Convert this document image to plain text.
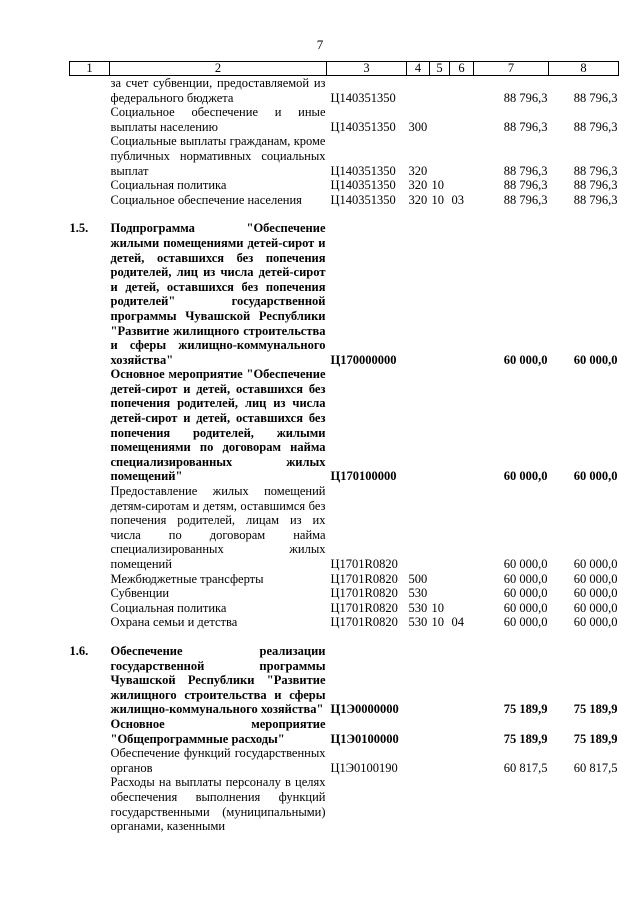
7
1	2	3	4	5	6	7	8
	за счет субвенции, предоставляемой из федерального бюджета	Ц140351350				88 796,3	88 796,3
	Социальное обеспечение и иные выплаты населению	Ц140351350	300			88 796,3	88 796,3
	Социальные выплаты гражданам, кроме публичных нормативных социальных выплат	Ц140351350	320			88 796,3	88 796,3
	Социальная политика	Ц140351350	320	10		88 796,3	88 796,3
	Социальное обеспечение населения	Ц140351350	320	10	03	88 796,3	88 796,3

1.5.	Подпрограмма "Обеспечение жилыми помещениями детей-сирот и детей, оставшихся без попечения родителей, лиц из числа детей-сирот и детей, оставшихся без попечения родителей" государственной программы Чувашской Республики "Развитие жилищного строительства и сферы жилищно-коммунального хозяйства"	Ц170000000				60 000,0	60 000,0
	Основное мероприятие "Обеспечение детей-сирот и детей, оставшихся без попечения родителей, лиц из числа детей-сирот и детей, оставшихся без попечения родителей, жилыми помещениями по договорам найма специализированных жилых помещений"	Ц170100000				60 000,0	60 000,0
	Предоставление жилых помещений детям-сиротам и детям, оставшимся без попечения родителей, лицам из их числа по договорам найма специализированных жилых помещений	Ц1701R0820				60 000,0	60 000,0
	Межбюджетные трансферты	Ц1701R0820	500			60 000,0	60 000,0
	Субвенции	Ц1701R0820	530			60 000,0	60 000,0
	Социальная политика	Ц1701R0820	530	10		60 000,0	60 000,0
	Охрана семьи и детства	Ц1701R0820	530	10	04	60 000,0	60 000,0

1.6.	Обеспечение реализации государственной программы Чувашской Республики "Развитие жилищного строительства и сферы жилищно-коммунального хозяйства"	Ц1Э0000000				75 189,9	75 189,9
	Основное мероприятие "Общепрограммные расходы"	Ц1Э0100000				75 189,9	75 189,9
	Обеспечение функций государственных органов	Ц1Э0100190				60 817,5	60 817,5
	Расходы на выплаты персоналу в целях обеспечения выполнения функций государственными (муниципальными) органами, казенными						
